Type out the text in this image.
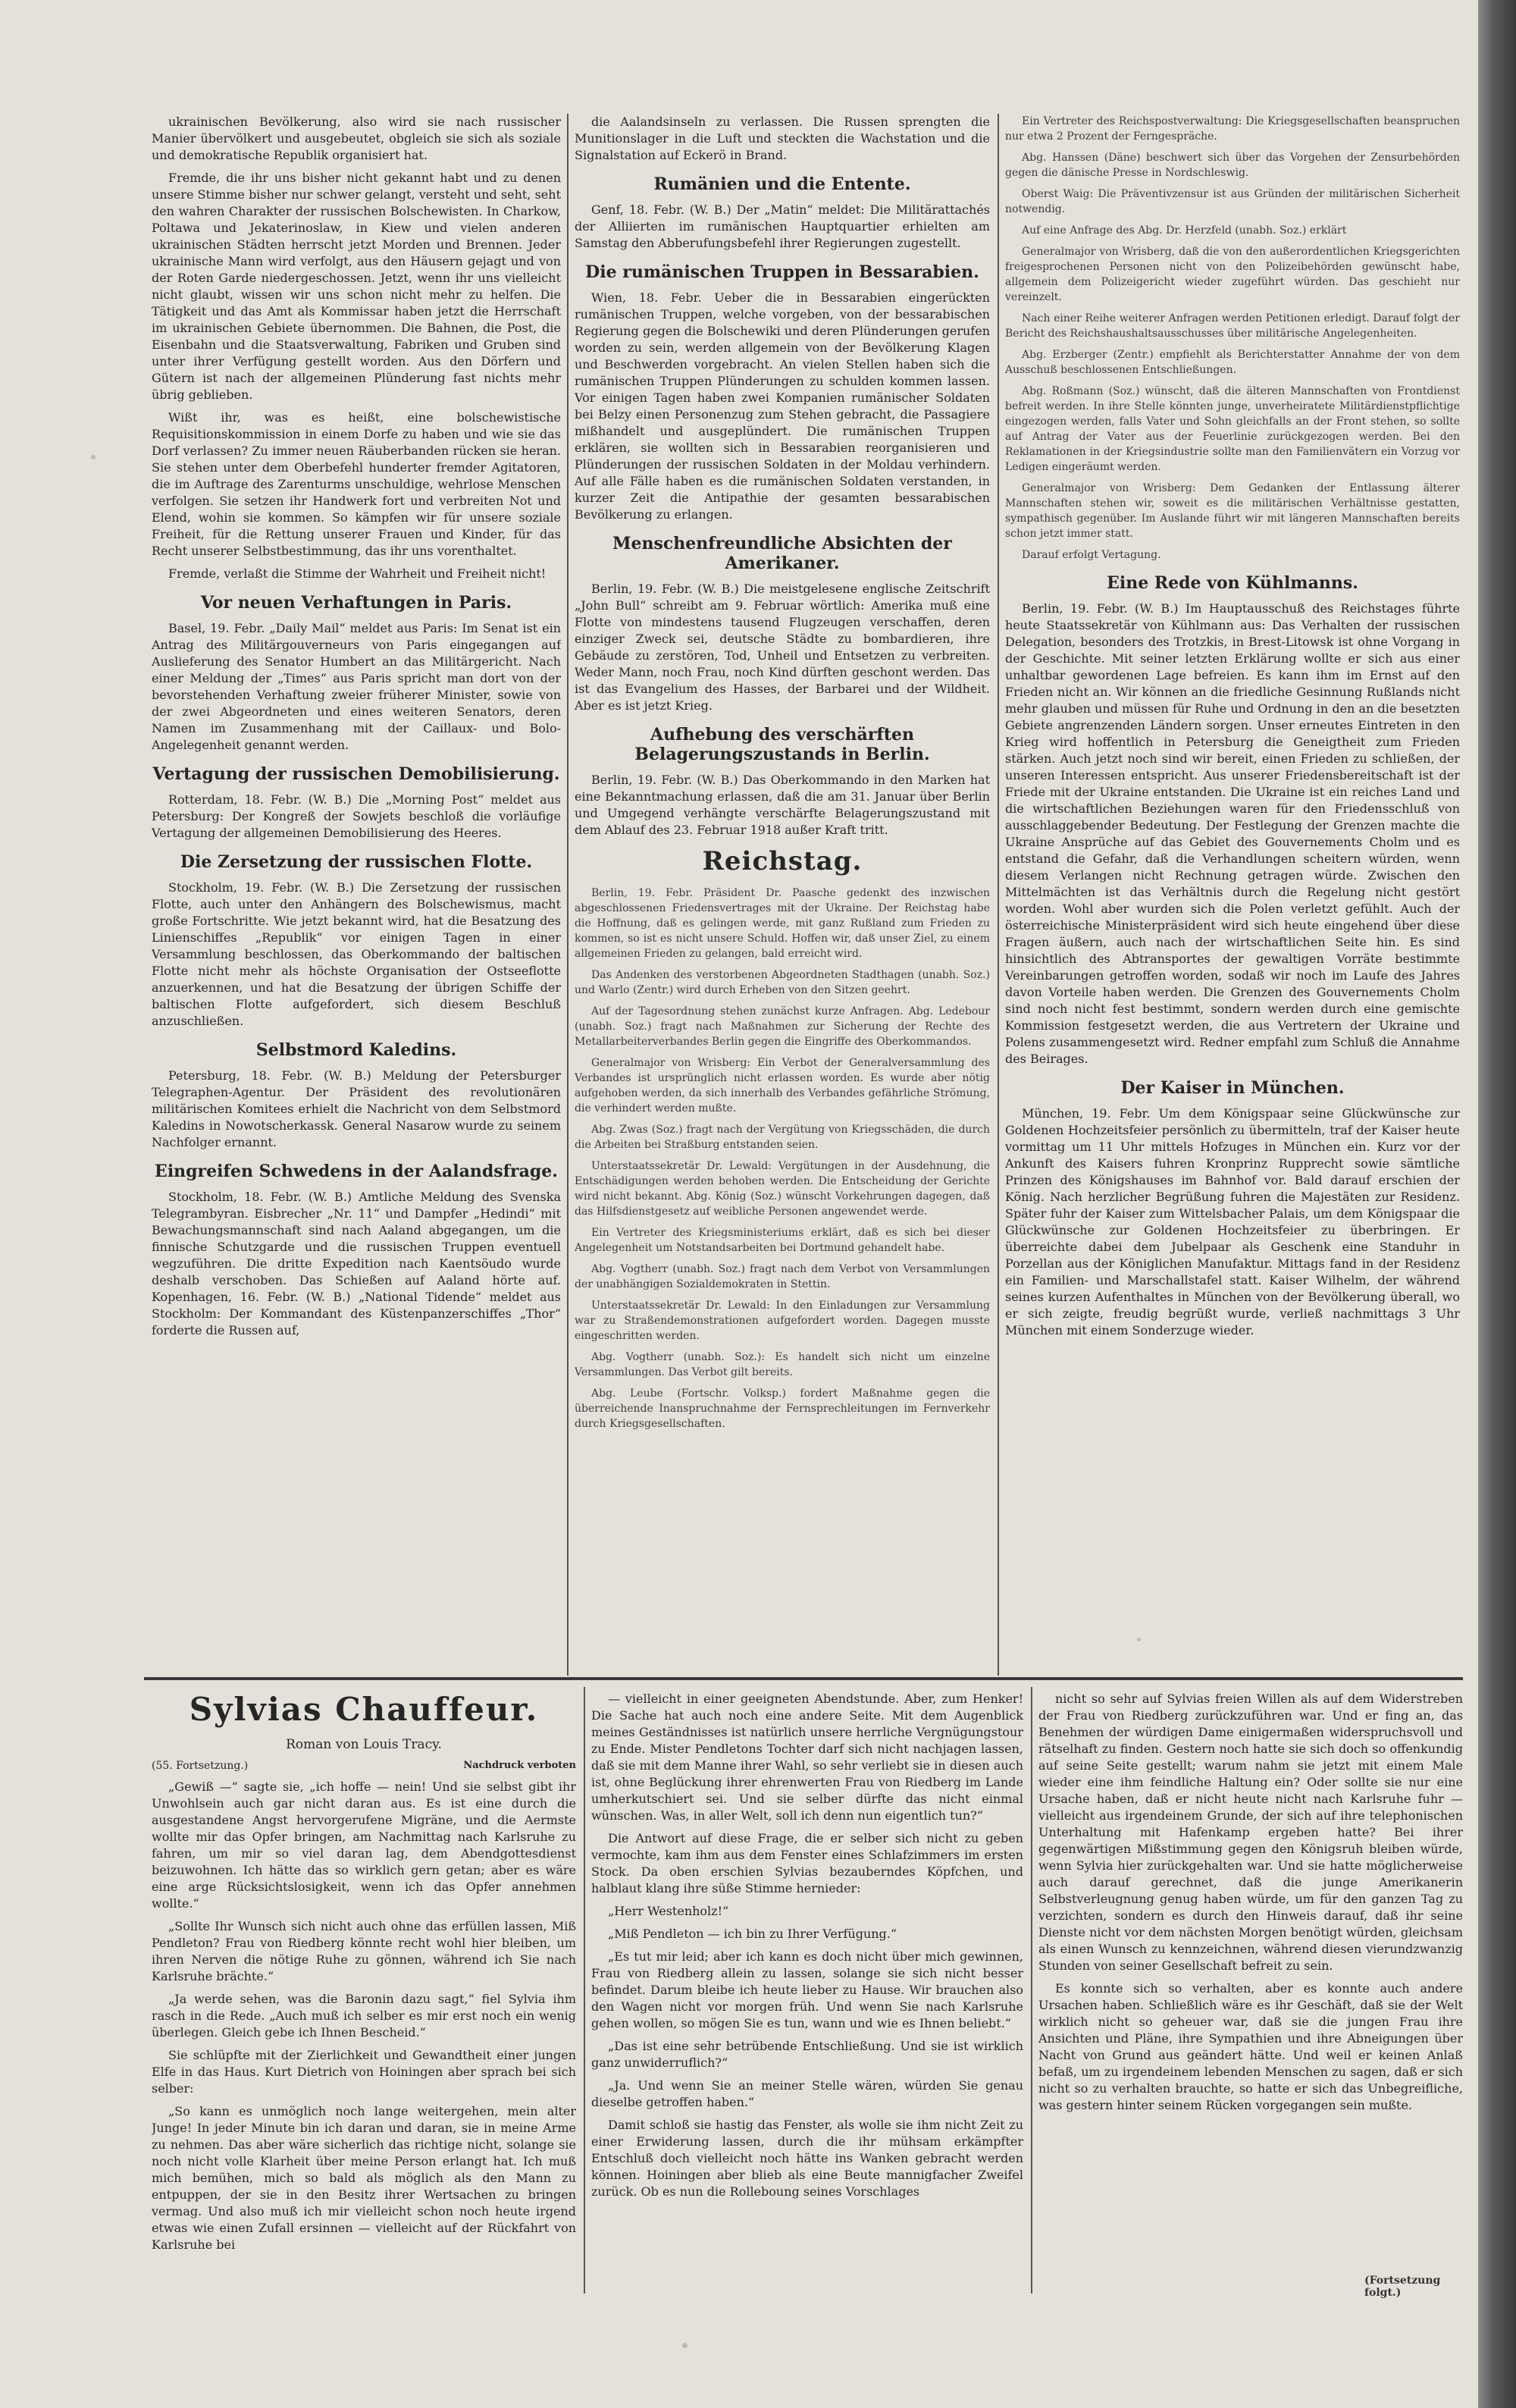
ukrainischen Bevölkerung, also wird sie nach russischer Manier übervölkert und ausgebeutet, obgleich sie sich als soziale und demokratische Republik organisiert hat.

Fremde, die ihr uns bisher nicht gekannt habt und zu denen unsere Stimme bisher nur schwer gelangt, versteht und seht, seht den wahren Charakter der russischen Bolschewisten. In Charkow, Poltawa und Jekaterinoslaw, in Kiew und vielen anderen ukrainischen Städten herrscht jetzt Morden und Brennen. Jeder ukrainische Mann wird verfolgt, aus den Häusern gejagt und von der Roten Garde niedergeschossen. Jetzt, wenn ihr uns vielleicht nicht glaubt, wissen wir uns schon nicht mehr zu helfen. Die Tätigkeit und das Amt als Kommissar haben jetzt die Herrschaft im ukrainischen Gebiete übernommen. Die Bahnen, die Post, die Eisenbahn und die Staatsverwaltung, Fabriken und Gruben sind unter ihrer Verfügung gestellt worden. Aus den Dörfern und Gütern ist nach der allgemeinen Plünderung fast nichts mehr übrig geblieben.

Wißt ihr, was es heißt, eine bolschewistische Requisitionskommission in einem Dorfe zu haben und wie sie das Dorf verlassen? Zu immer neuen Räuberbanden rücken sie heran. Sie stehen unter dem Oberbefehl hunderter fremder Agitatoren, die im Auftrage des Zarenturms unschuldige, wehrlose Menschen verfolgen. Sie setzen ihr Handwerk fort und verbreiten Not und Elend, wohin sie kommen. So kämpfen wir für unsere soziale Freiheit, für die Rettung unserer Frauen und Kinder, für das Recht unserer Selbstbestimmung, das ihr uns vorenthaltet.

Fremde, verlaßt die Stimme der Wahrheit und Freiheit nicht!

Vor neuen Verhaftungen in Paris.

Basel, 19. Febr. „Daily Mail“ meldet aus Paris: Im Senat ist ein Antrag des Militärgouverneurs von Paris eingegangen auf Auslieferung des Senator Humbert an das Militärgericht. Nach einer Meldung der „Times“ aus Paris spricht man dort von der bevorstehenden Verhaftung zweier früherer Minister, sowie von der zwei Abgeordneten und eines weiteren Senators, deren Namen im Zusammenhang mit der Caillaux- und Bolo-Angelegenheit genannt werden.

Vertagung der russischen Demobilisierung.

Rotterdam, 18. Febr. (W. B.) Die „Morning Post“ meldet aus Petersburg: Der Kongreß der Sowjets beschloß die vorläufige Vertagung der allgemeinen Demobilisierung des Heeres.

Die Zersetzung der russischen Flotte.

Stockholm, 19. Febr. (W. B.) Die Zersetzung der russischen Flotte, auch unter den Anhängern des Bolschewismus, macht große Fortschritte. Wie jetzt bekannt wird, hat die Besatzung des Linienschiffes „Republik“ vor einigen Tagen in einer Versammlung beschlossen, das Oberkommando der baltischen Flotte nicht mehr als höchste Organisation der Ostseeflotte anzuerkennen, und hat die Besatzung der übrigen Schiffe der baltischen Flotte aufgefordert, sich diesem Beschluß anzuschließen.

Selbstmord Kaledins.

Petersburg, 18. Febr. (W. B.) Meldung der Petersburger Telegraphen-Agentur. Der Präsident des revolutionären militärischen Komitees erhielt die Nachricht von dem Selbstmord Kaledins in Nowotscherkassk. General Nasarow wurde zu seinem Nachfolger ernannt.

Eingreifen Schwedens in der Aalandsfrage.

Stockholm, 18. Febr. (W. B.) Amtliche Meldung des Svenska Telegrambyran. Eisbrecher „Nr. 11“ und Dampfer „Hedindi“ mit Bewachungsmannschaft sind nach Aaland abgegangen, um die finnische Schutzgarde und die russischen Truppen eventuell wegzuführen. Die dritte Expedition nach Kaentsöudo wurde deshalb verschoben. Das Schießen auf Aaland hörte auf. Kopenhagen, 16. Febr. (W. B.) „National Tidende“ meldet aus Stockholm: Der Kommandant des Küstenpanzerschiffes „Thor“ forderte die Russen auf,

die Aalandsinseln zu verlassen. Die Russen sprengten die Munitionslager in die Luft und steckten die Wachstation und die Signalstation auf Eckerö in Brand.

Rumänien und die Entente.

Genf, 18. Febr. (W. B.) Der „Matin“ meldet: Die Militärattachés der Alliierten im rumänischen Hauptquartier erhielten am Samstag den Abberufungsbefehl ihrer Regierungen zugestellt.

Die rumänischen Truppen in Bessarabien.

Wien, 18. Febr. Ueber die in Bessarabien eingerückten rumänischen Truppen, welche vorgeben, von der bessarabischen Regierung gegen die Bolschewiki und deren Plünderungen gerufen worden zu sein, werden allgemein von der Bevölkerung Klagen und Beschwerden vorgebracht. An vielen Stellen haben sich die rumänischen Truppen Plünderungen zu schulden kommen lassen. Vor einigen Tagen haben zwei Kompanien rumänischer Soldaten bei Belzy einen Personenzug zum Stehen gebracht, die Passagiere mißhandelt und ausgeplündert. Die rumänischen Truppen erklären, sie wollten sich in Bessarabien reorganisieren und Plünderungen der russischen Soldaten in der Moldau verhindern. Auf alle Fälle haben es die rumänischen Soldaten verstanden, in kurzer Zeit die Antipathie der gesamten bessarabischen Bevölkerung zu erlangen.

Menschenfreundliche Absichten der Amerikaner.

Berlin, 19. Febr. (W. B.) Die meistgelesene englische Zeitschrift „John Bull“ schreibt am 9. Februar wörtlich: Amerika muß eine Flotte von mindestens tausend Flugzeugen verschaffen, deren einziger Zweck sei, deutsche Städte zu bombardieren, ihre Gebäude zu zerstören, Tod, Unheil und Entsetzen zu verbreiten. Weder Mann, noch Frau, noch Kind dürften geschont werden. Das ist das Evangelium des Hasses, der Barbarei und der Wildheit. Aber es ist jetzt Krieg.

Aufhebung des verschärften Belagerungszustands in Berlin.

Berlin, 19. Febr. (W. B.) Das Oberkommando in den Marken hat eine Bekanntmachung erlassen, daß die am 31. Januar über Berlin und Umgegend verhängte verschärfte Belagerungszustand mit dem Ablauf des 23. Februar 1918 außer Kraft tritt.

Reichstag.

Berlin, 19. Febr. Präsident Dr. Paasche gedenkt des inzwischen abgeschlossenen Friedensvertrages mit der Ukraine. Der Reichstag habe die Hoffnung, daß es gelingen werde, mit ganz Rußland zum Frieden zu kommen, so ist es nicht unsere Schuld. Hoffen wir, daß unser Ziel, zu einem allgemeinen Frieden zu gelangen, bald erreicht wird.

Das Andenken des verstorbenen Abgeordneten Stadthagen (unabh. Soz.) und Warlo (Zentr.) wird durch Erheben von den Sitzen geehrt.

Auf der Tagesordnung stehen zunächst kurze Anfragen. Abg. Ledebour (unabh. Soz.) fragt nach Maßnahmen zur Sicherung der Rechte des Metallarbeiterverbandes Berlin gegen die Eingriffe des Oberkommandos.

Generalmajor von Wrisberg: Ein Verbot der Generalversammlung des Verbandes ist ursprünglich nicht erlassen worden. Es wurde aber nötig aufgehoben werden, da sich innerhalb des Verbandes gefährliche Strömung, die verhindert werden mußte.

Abg. Zwas (Soz.) fragt nach der Vergütung von Kriegsschäden, die durch die Arbeiten bei Straßburg entstanden seien.

Unterstaatssekretär Dr. Lewald: Vergütungen in der Ausdehnung, die Entschädigungen werden behoben werden. Die Entscheidung der Gerichte wird nicht bekannt. Abg. König (Soz.) wünscht Vorkehrungen dagegen, daß das Hilfsdienstgesetz auf weibliche Personen angewendet werde.

Ein Vertreter des Kriegsministeriums erklärt, daß es sich bei dieser Angelegenheit um Notstandsarbeiten bei Dortmund gehandelt habe.

Abg. Vogtherr (unabh. Soz.) fragt nach dem Verbot von Versammlungen der unabhängigen Sozialdemokraten in Stettin.

Unterstaatssekretär Dr. Lewald: In den Einladungen zur Versammlung war zu Straßendemonstrationen aufgefordert worden. Dagegen musste eingeschritten werden.

Abg. Vogtherr (unabh. Soz.): Es handelt sich nicht um einzelne Versammlungen. Das Verbot gilt bereits.

Abg. Leube (Fortschr. Volksp.) fordert Maßnahme gegen die überreichende Inanspruchnahme der Fernsprechleitungen im Fernverkehr durch Kriegsgesellschaften.

Ein Vertreter des Reichspostverwaltung: Die Kriegsgesellschaften beanspruchen nur etwa 2 Prozent der Ferngespräche.

Abg. Hanssen (Däne) beschwert sich über das Vorgehen der Zensurbehörden gegen die dänische Presse in Nordschleswig.

Oberst Waig: Die Präventivzensur ist aus Gründen der militärischen Sicherheit notwendig.

Auf eine Anfrage des Abg. Dr. Herzfeld (unabh. Soz.) erklärt

Generalmajor von Wrisberg, daß die von den außerordentlichen Kriegsgerichten freigesprochenen Personen nicht von den Polizeibehörden gewünscht habe, allgemein dem Polizeigericht wieder zugeführt würden. Das geschieht nur vereinzelt.

Nach einer Reihe weiterer Anfragen werden Petitionen erledigt. Darauf folgt der Bericht des Reichshaushaltsausschusses über militärische Angelegenheiten.

Abg. Erzberger (Zentr.) empfiehlt als Berichterstatter Annahme der von dem Ausschuß beschlossenen Entschließungen.

Abg. Roßmann (Soz.) wünscht, daß die älteren Mannschaften von Frontdienst befreit werden. In ihre Stelle könnten junge, unverheiratete Militärdienstpflichtige eingezogen werden, falls Vater und Sohn gleichfalls an der Front stehen, so sollte auf Antrag der Vater aus der Feuerlinie zurückgezogen werden. Bei den Reklamationen in der Kriegsindustrie sollte man den Familienvätern ein Vorzug vor Ledigen eingeräumt werden.

Generalmajor von Wrisberg: Dem Gedanken der Entlassung älterer Mannschaften stehen wir, soweit es die militärischen Verhältnisse gestatten, sympathisch gegenüber. Im Auslande führt wir mit längeren Mannschaften bereits schon jetzt immer statt.

Darauf erfolgt Vertagung.

Eine Rede von Kühlmanns.

Berlin, 19. Febr. (W. B.) Im Hauptausschuß des Reichstages führte heute Staatssekretär von Kühlmann aus: Das Verhalten der russischen Delegation, besonders des Trotzkis, in Brest-Litowsk ist ohne Vorgang in der Geschichte. Mit seiner letzten Erklärung wollte er sich aus einer unhaltbar gewordenen Lage befreien. Es kann ihm im Ernst auf den Frieden nicht an. Wir können an die friedliche Gesinnung Rußlands nicht mehr glauben und müssen für Ruhe und Ordnung in den an die besetzten Gebiete angrenzenden Ländern sorgen. Unser erneutes Eintreten in den Krieg wird hoffentlich in Petersburg die Geneigtheit zum Frieden stärken. Auch jetzt noch sind wir bereit, einen Frieden zu schließen, der unseren Interessen entspricht. Aus unserer Friedensbereitschaft ist der Friede mit der Ukraine entstanden. Die Ukraine ist ein reiches Land und die wirtschaftlichen Beziehungen waren für den Friedensschluß von ausschlaggebender Bedeutung. Der Festlegung der Grenzen machte die Ukraine Ansprüche auf das Gebiet des Gouvernements Cholm und es entstand die Gefahr, daß die Verhandlungen scheitern würden, wenn diesem Verlangen nicht Rechnung getragen würde. Zwischen den Mittelmächten ist das Verhältnis durch die Regelung nicht gestört worden. Wohl aber wurden sich die Polen verletzt gefühlt. Auch der österreichische Ministerpräsident wird sich heute eingehend über diese Fragen äußern, auch nach der wirtschaftlichen Seite hin. Es sind hinsichtlich des Abtransportes der gewaltigen Vorräte bestimmte Vereinbarungen getroffen worden, sodaß wir noch im Laufe des Jahres davon Vorteile haben werden. Die Grenzen des Gouvernements Cholm sind noch nicht fest bestimmt, sondern werden durch eine gemischte Kommission festgesetzt werden, die aus Vertretern der Ukraine und Polens zusammengesetzt wird. Redner empfahl zum Schluß die Annahme des Beirages.

Der Kaiser in München.

München, 19. Febr. Um dem Königspaar seine Glückwünsche zur Goldenen Hochzeitsfeier persönlich zu übermitteln, traf der Kaiser heute vormittag um 11 Uhr mittels Hofzuges in München ein. Kurz vor der Ankunft des Kaisers fuhren Kronprinz Rupprecht sowie sämtliche Prinzen des Königshauses im Bahnhof vor. Bald darauf erschien der König. Nach herzlicher Begrüßung fuhren die Majestäten zur Residenz. Später fuhr der Kaiser zum Wittelsbacher Palais, um dem Königspaar die Glückwünsche zur Goldenen Hochzeitsfeier zu überbringen. Er überreichte dabei dem Jubelpaar als Geschenk eine Standuhr in Porzellan aus der Königlichen Manufaktur. Mittags fand in der Residenz ein Familien- und Marschallstafel statt. Kaiser Wilhelm, der während seines kurzen Aufenthaltes in München von der Bevölkerung überall, wo er sich zeigte, freudig begrüßt wurde, verließ nachmittags 3 Uhr München mit einem Sonderzuge wieder.

Sylvias Chauffeur.
Roman von Louis Tracy.
(55. Fortsetzung.)	Nachdruck verboten

„Gewiß —“ sagte sie, „ich hoffe — nein! Und sie selbst gibt ihr Unwohlsein auch gar nicht daran aus. Es ist eine durch die ausgestandene Angst hervorgerufene Migräne, und die Aermste wollte mir das Opfer bringen, am Nachmittag nach Karlsruhe zu fahren, um mir so viel daran lag, dem Abendgottesdienst beizuwohnen. Ich hätte das so wirklich gern getan; aber es wäre eine arge Rücksichtslosigkeit, wenn ich das Opfer annehmen wollte.“

„Sollte Ihr Wunsch sich nicht auch ohne das erfüllen lassen, Miß Pendleton? Frau von Riedberg könnte recht wohl hier bleiben, um ihren Nerven die nötige Ruhe zu gönnen, während ich Sie nach Karlsruhe brächte.“

„Ja werde sehen, was die Baronin dazu sagt,“ fiel Sylvia ihm rasch in die Rede. „Auch muß ich selber es mir erst noch ein wenig überlegen. Gleich gebe ich Ihnen Bescheid.“

Sie schlüpfte mit der Zierlichkeit und Gewandtheit einer jungen Elfe in das Haus. Kurt Dietrich von Hoiningen aber sprach bei sich selber:

„So kann es unmöglich noch lange weitergehen, mein alter Junge! In jeder Minute bin ich daran und daran, sie in meine Arme zu nehmen. Das aber wäre sicherlich das richtige nicht, solange sie noch nicht volle Klarheit über meine Person erlangt hat. Ich muß mich bemühen, mich so bald als möglich als den Mann zu entpuppen, der sie in den Besitz ihrer Wertsachen zu bringen vermag. Und also muß ich mir vielleicht schon noch heute irgend etwas wie einen Zufall ersinnen — vielleicht auf der Rückfahrt von Karlsruhe bei

— vielleicht in einer geeigneten Abendstunde. Aber, zum Henker! Die Sache hat auch noch eine andere Seite. Mit dem Augenblick meines Geständnisses ist natürlich unsere herrliche Vergnügungstour zu Ende. Mister Pendletons Tochter darf sich nicht nachjagen lassen, daß sie mit dem Manne ihrer Wahl, so sehr verliebt sie in diesen auch ist, ohne Beglückung ihrer ehrenwerten Frau von Riedberg im Lande umherkutschiert sei. Und sie selber dürfte das nicht einmal wünschen. Was, in aller Welt, soll ich denn nun eigentlich tun?“

Die Antwort auf diese Frage, die er selber sich nicht zu geben vermochte, kam ihm aus dem Fenster eines Schlafzimmers im ersten Stock. Da oben erschien Sylvias bezauberndes Köpfchen, und halblaut klang ihre süße Stimme hernieder:

„Herr Westenholz!“

„Miß Pendleton — ich bin zu Ihrer Verfügung.“

„Es tut mir leid; aber ich kann es doch nicht über mich gewinnen, Frau von Riedberg allein zu lassen, solange sie sich nicht besser befindet. Darum bleibe ich heute lieber zu Hause. Wir brauchen also den Wagen nicht vor morgen früh. Und wenn Sie nach Karlsruhe gehen wollen, so mögen Sie es tun, wann und wie es Ihnen beliebt.“

„Das ist eine sehr betrübende Entschließung. Und sie ist wirklich ganz unwiderruflich?“

„Ja. Und wenn Sie an meiner Stelle wären, würden Sie genau dieselbe getroffen haben.“

Damit schloß sie hastig das Fenster, als wolle sie ihm nicht Zeit zu einer Erwiderung lassen, durch die ihr mühsam erkämpfter Entschluß doch vielleicht noch hätte ins Wanken gebracht werden können. Hoiningen aber blieb als eine Beute mannigfacher Zweifel zurück. Ob es nun die Rolleboung seines Vorschlages

nicht so sehr auf Sylvias freien Willen als auf dem Widerstreben der Frau von Riedberg zurückzuführen war. Und er fing an, das Benehmen der würdigen Dame einigermaßen widerspruchsvoll und rätselhaft zu finden. Gestern noch hatte sie sich doch so offenkundig auf seine Seite gestellt; warum nahm sie jetzt mit einem Male wieder eine ihm feindliche Haltung ein? Oder sollte sie nur eine Ursache haben, daß er nicht heute nicht nach Karlsruhe fuhr — vielleicht aus irgendeinem Grunde, der sich auf ihre telephonischen Unterhaltung mit Hafenkamp ergeben hatte? Bei ihrer gegenwärtigen Mißstimmung gegen den Königsruh bleiben würde, wenn Sylvia hier zurückgehalten war. Und sie hatte möglicherweise auch darauf gerechnet, daß die junge Amerikanerin Selbstverleugnung genug haben würde, um für den ganzen Tag zu verzichten, sondern es durch den Hinweis darauf, daß ihr seine Dienste nicht vor dem nächsten Morgen benötigt würden, gleichsam als einen Wunsch zu kennzeichnen, während diesen vierundzwanzig Stunden von seiner Gesellschaft befreit zu sein.

Es konnte sich so verhalten, aber es konnte auch andere Ursachen haben. Schließlich wäre es ihr Geschäft, daß sie der Welt wirklich nicht so geheuer war, daß sie die jungen Frau ihre Ansichten und Pläne, ihre Sympathien und ihre Abneigungen über Nacht von Grund aus geändert hätte. Und weil er keinen Anlaß befaß, um zu irgendeinem lebenden Menschen zu sagen, daß er sich nicht so zu verhalten brauchte, so hatte er sich das Unbegreifliche, was gestern hinter seinem Rücken vorgegangen sein mußte.

(Fortsetzung folgt.)
